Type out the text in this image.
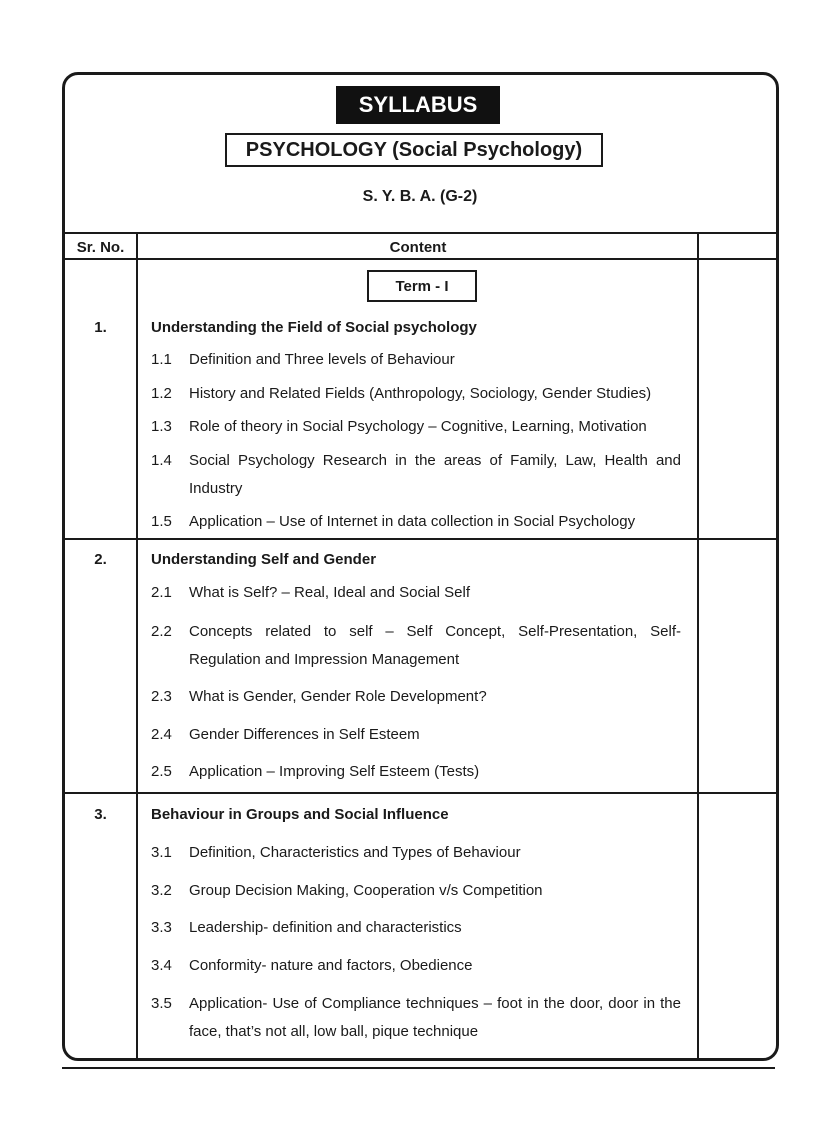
SYLLABUS
PSYCHOLOGY (Social Psychology)
S. Y. B. A. (G-2)
Sr. No.	Content
Term - I
1.	Understanding the Field of Social psychology
1.1 Definition and Three levels of Behaviour
1.2 History and Related Fields (Anthropology, Sociology, Gender Studies)
1.3 Role of theory in Social Psychology – Cognitive, Learning, Motivation
1.4 Social Psychology Research in the areas of Family, Law, Health and Industry
1.5 Application – Use of Internet in data collection in Social Psychology
2.	Understanding Self and Gender
2.1 What is Self? – Real, Ideal and Social Self
2.2 Concepts related to self – Self Concept, Self-Presentation, Self-Regulation and Impression Management
2.3 What is Gender, Gender Role Development?
2.4 Gender Differences in Self Esteem
2.5 Application – Improving Self Esteem (Tests)
3.	Behaviour in Groups and Social Influence
3.1 Definition, Characteristics and Types of Behaviour
3.2 Group Decision Making, Cooperation v/s Competition
3.3 Leadership- definition and characteristics
3.4 Conformity- nature and factors, Obedience
3.5 Application- Use of Compliance techniques – foot in the door, door in the face, that’s not all, low ball, pique technique
